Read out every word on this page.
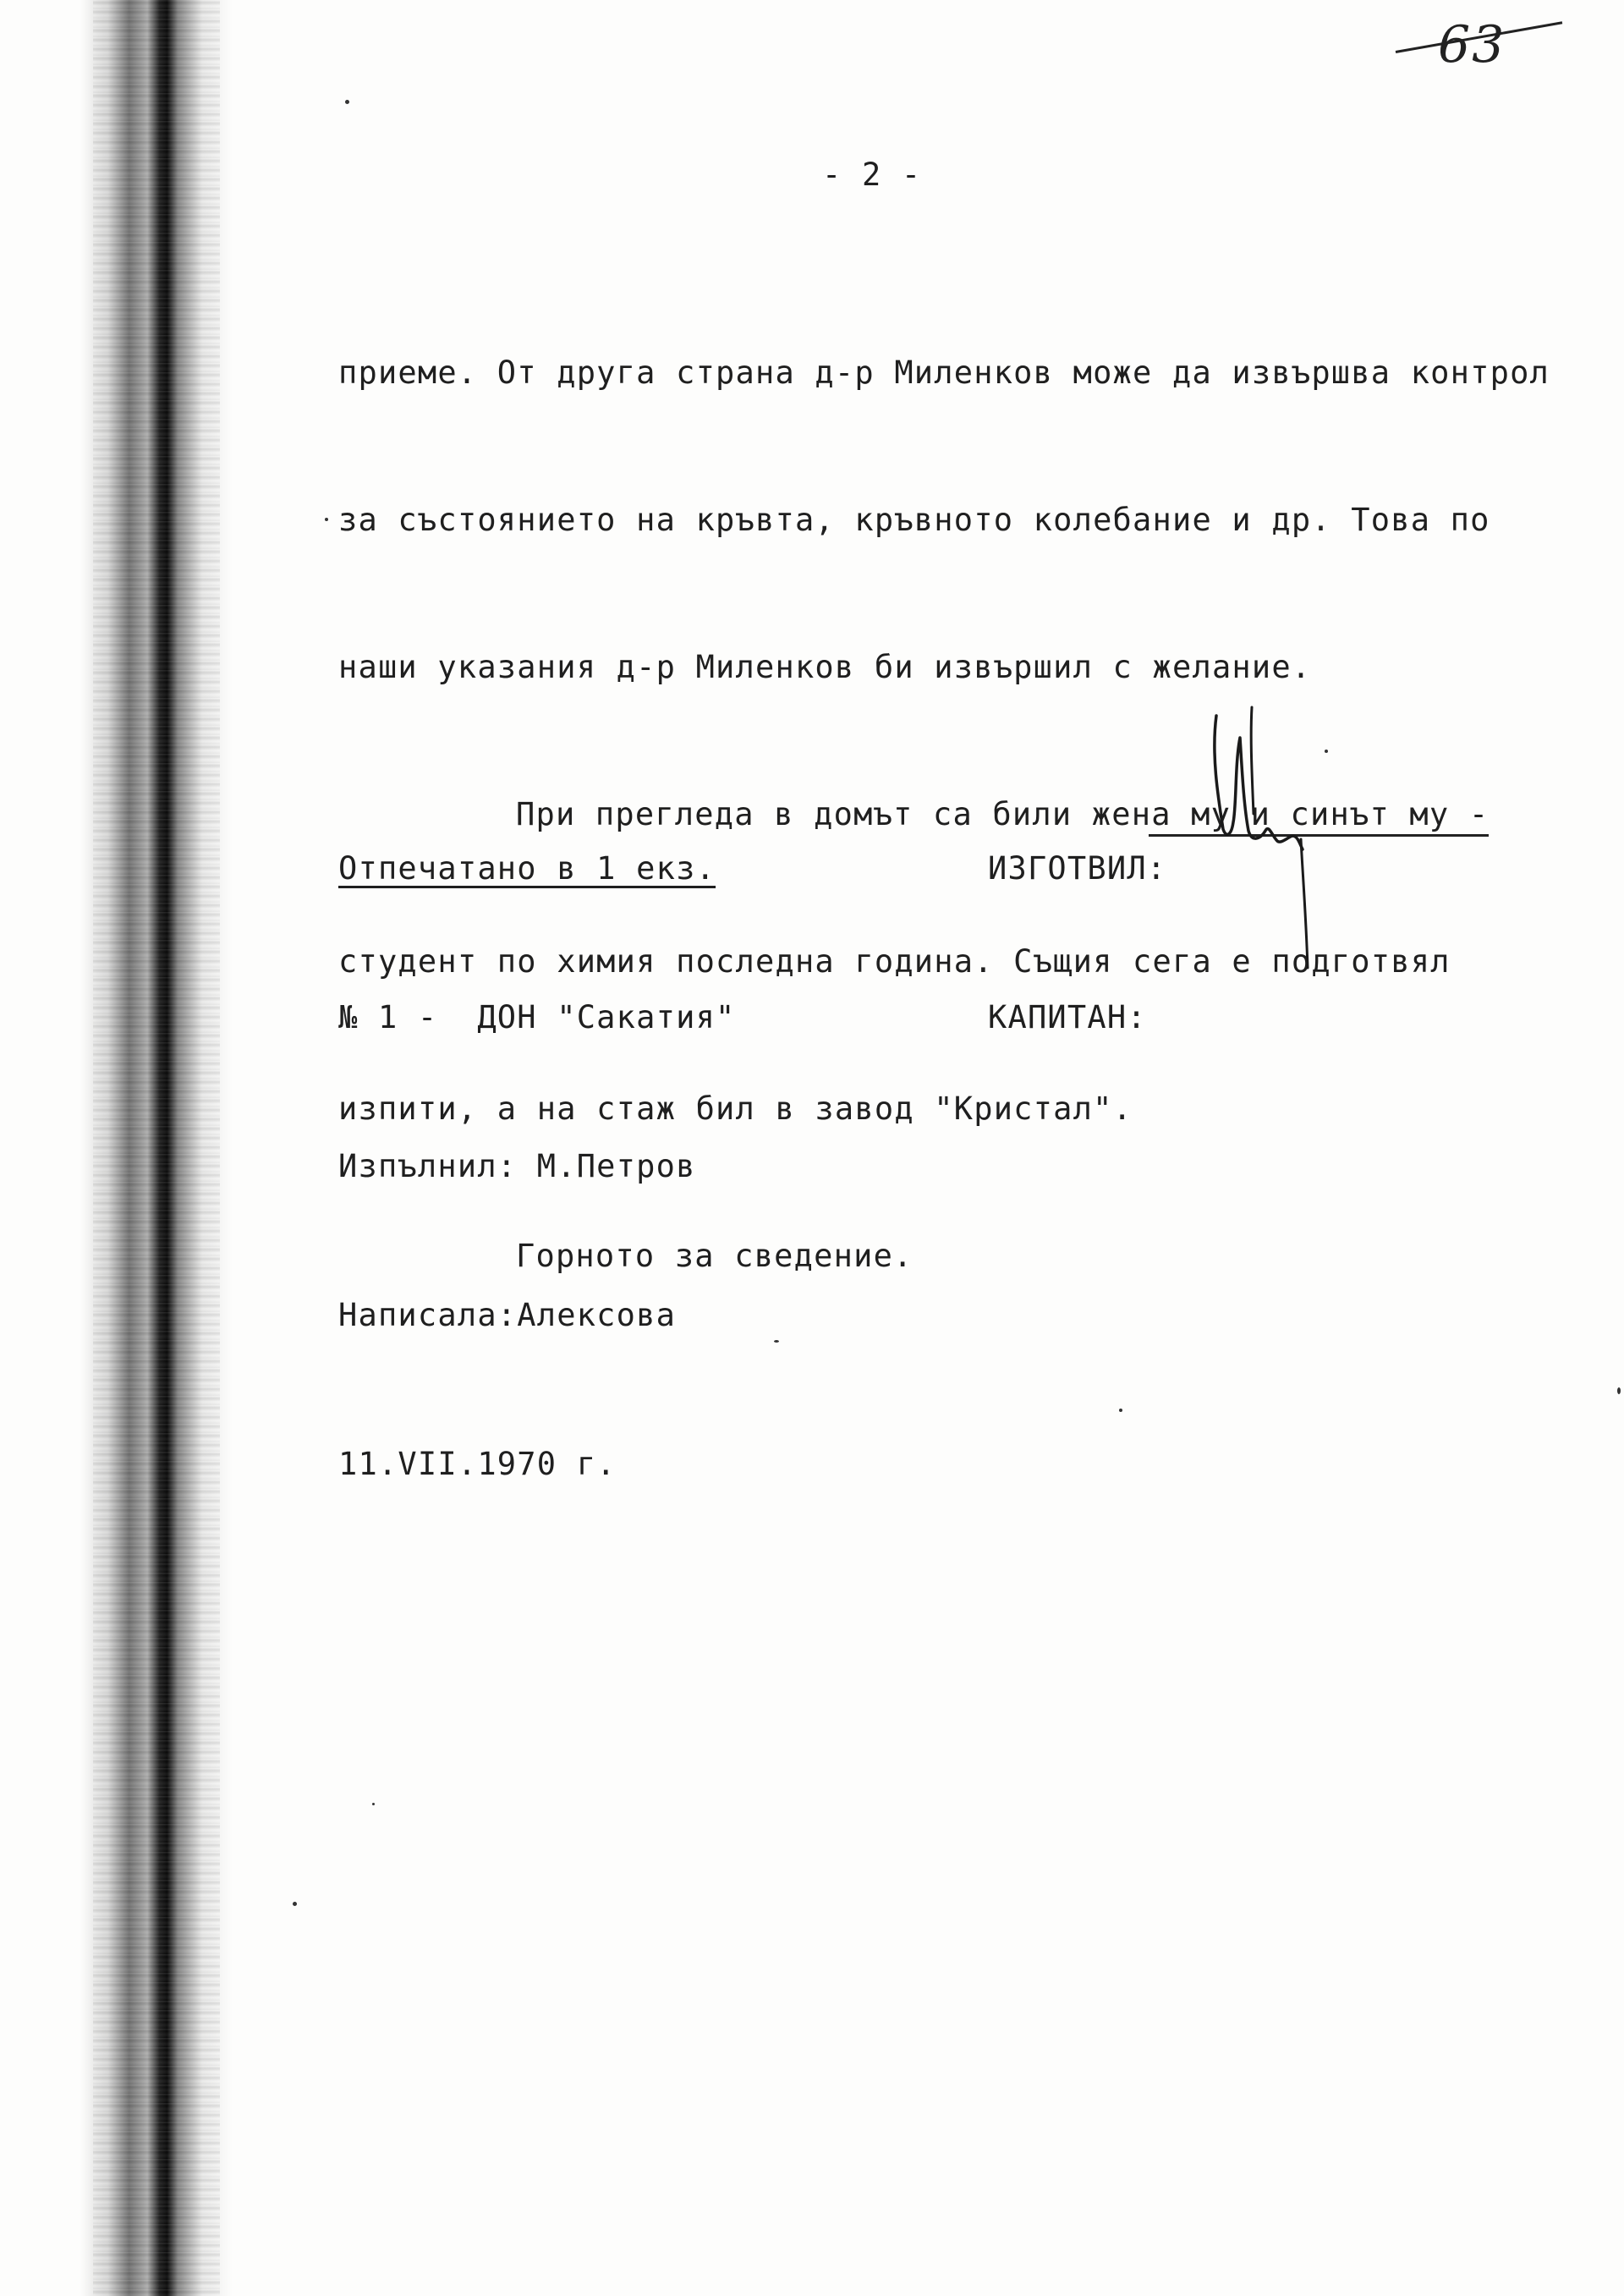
63
- 2 -

приеме. От друга страна д-р Миленков може да извършва контрол

за състоянието на кръвта, кръвното колебание и др. Това по

наши указания д-р Миленков би извършил с желание.

При прегледа в домът са били жена му и синът му -

студент по химия последна година. Същия сега е подготвял

изпити, а на стаж бил в завод "Кристал".

Горното за сведение.

Отпечатано в 1 екз.

№ 1 -  ДОН "Сакатия"

Изпълнил: М.Петров

Написала:Алексова

11.VII.1970 г.

ИЗГОТВИЛ:

КАПИТАН:
